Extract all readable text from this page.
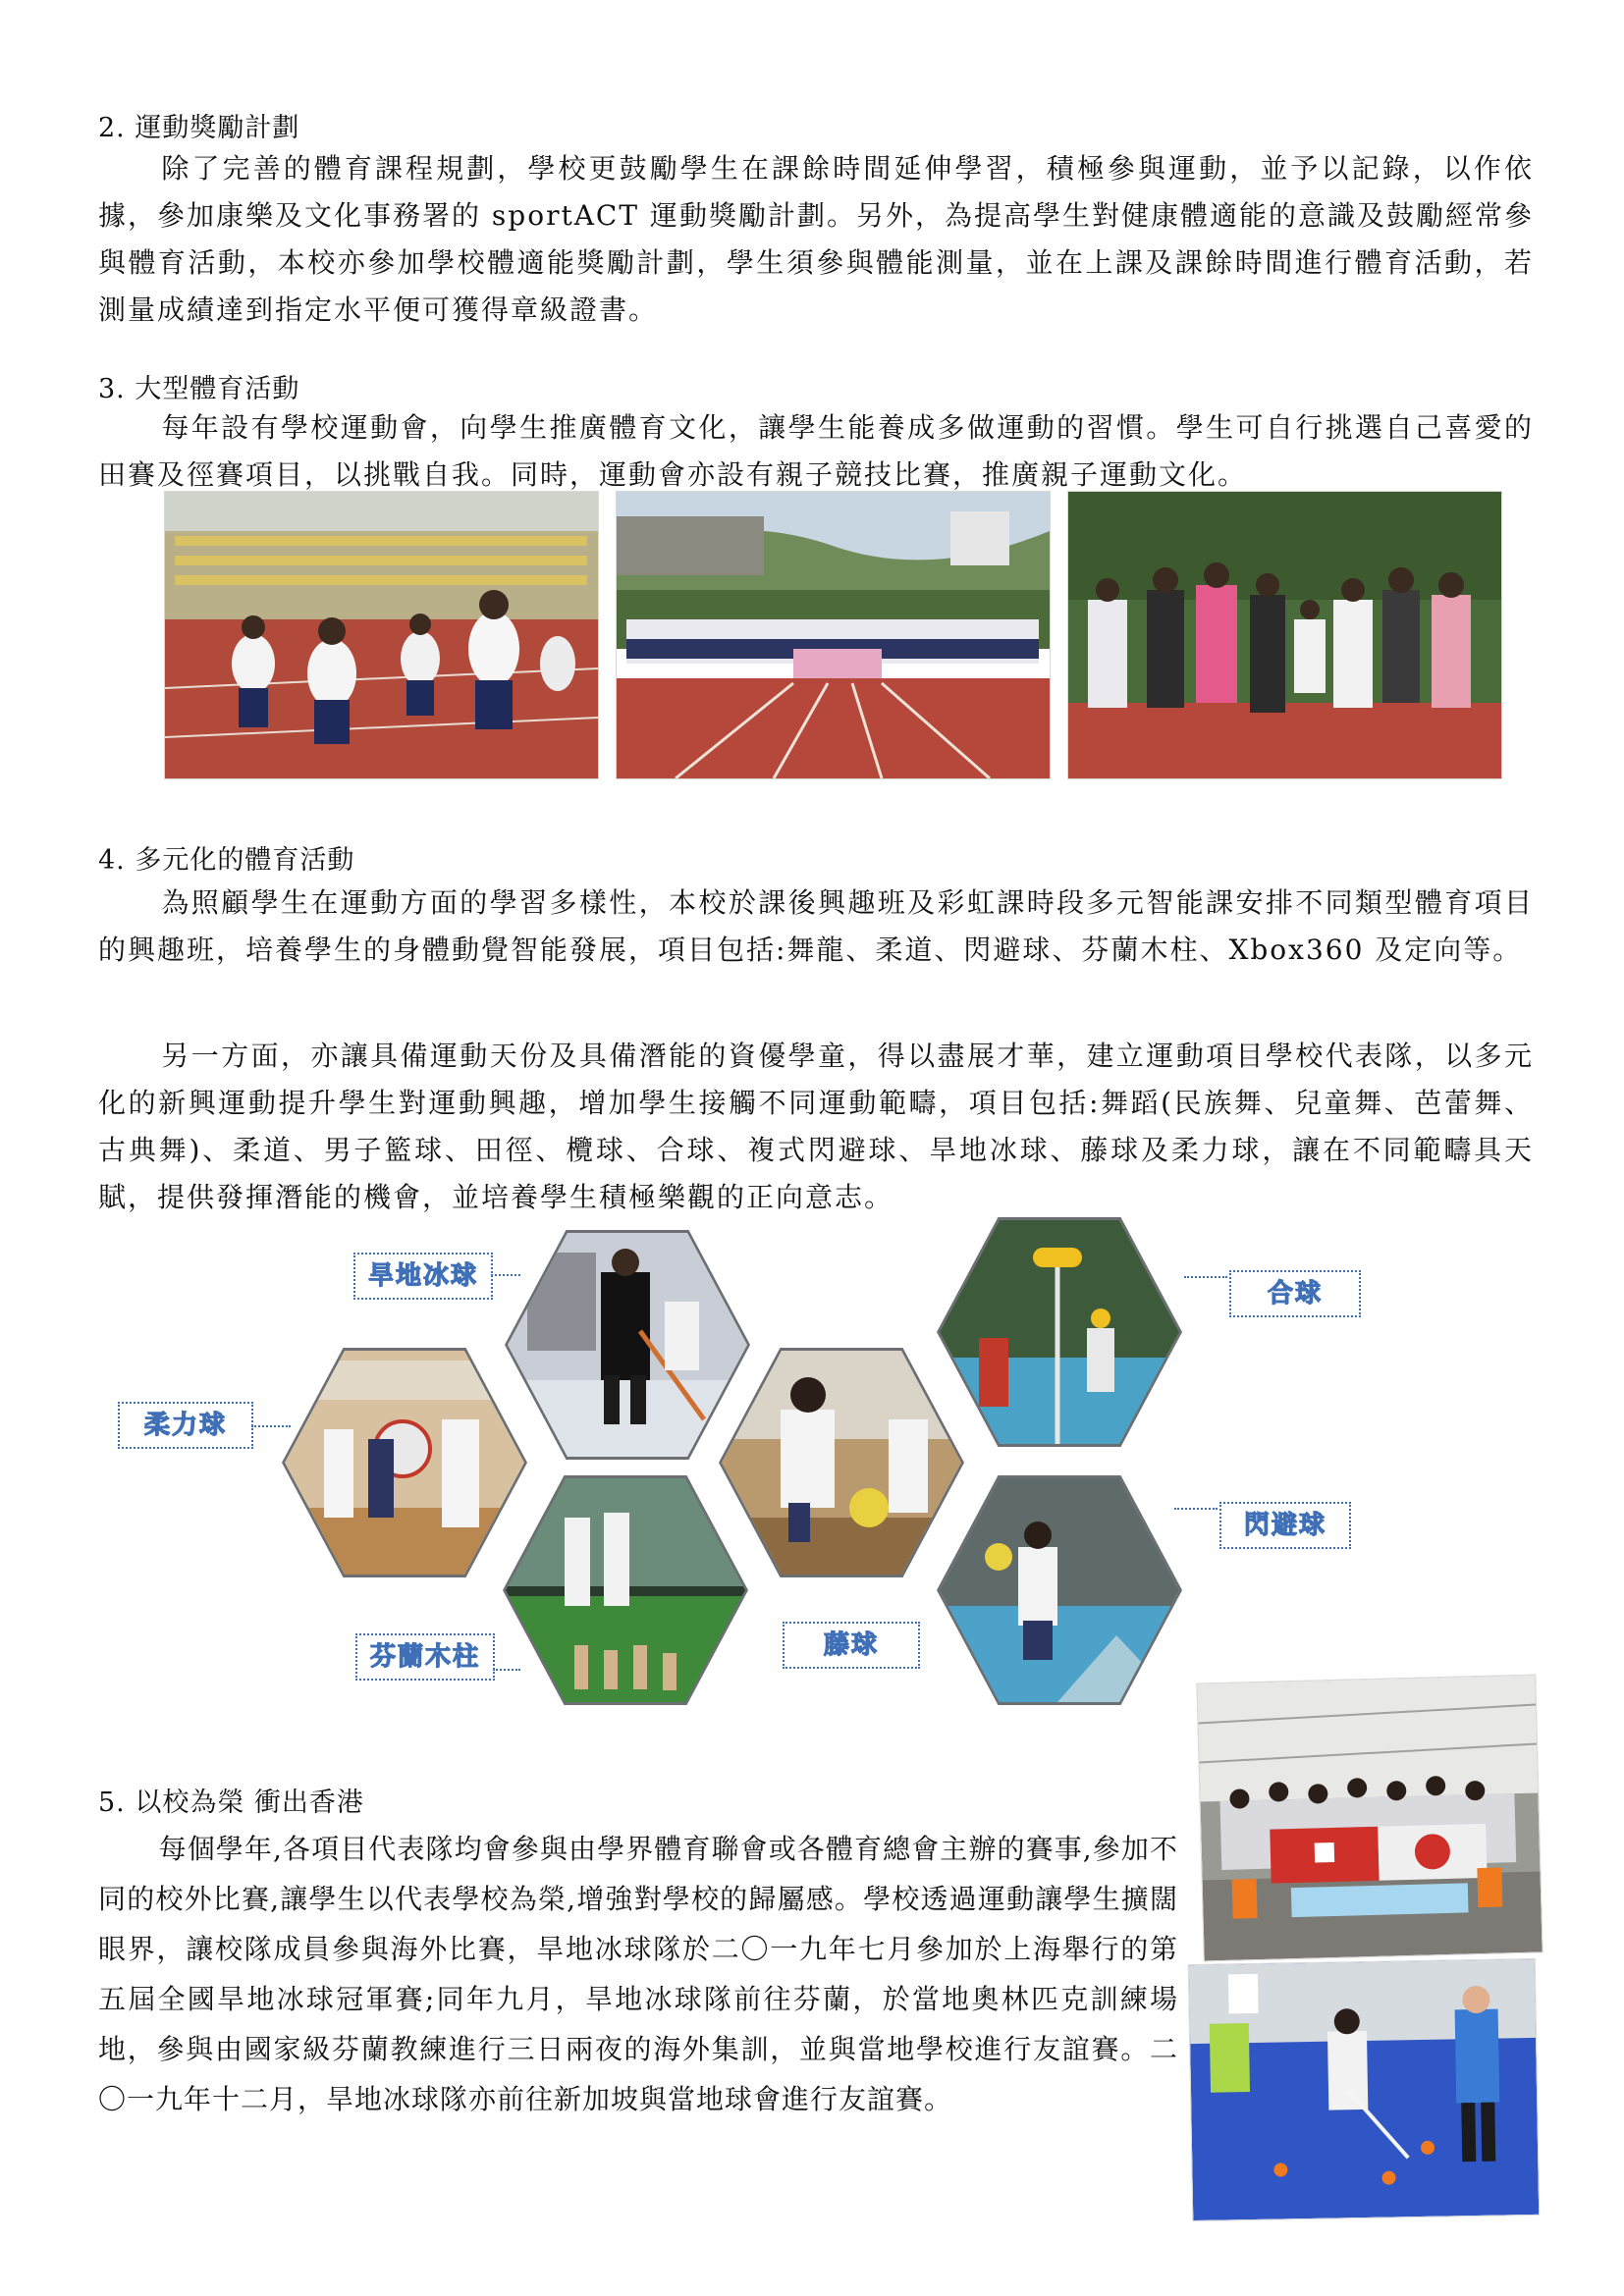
2. 運動獎勵計劃

除了完善的體育課程規劃，學校更鼓勵學生在課餘時間延伸學習，積極參與運動，並予以記錄，以作依據，參加康樂及文化事務署的 sportACT 運動獎勵計劃。另外，為提高學生對健康體適能的意識及鼓勵經常參與體育活動，本校亦參加學校體適能獎勵計劃，學生須參與體能測量，並在上課及課餘時間進行體育活動，若測量成績達到指定水平便可獲得章級證書。

3. 大型體育活動

每年設有學校運動會，向學生推廣體育文化，讓學生能養成多做運動的習慣。學生可自行挑選自己喜愛的田賽及徑賽項目，以挑戰自我。同時，運動會亦設有親子競技比賽，推廣親子運動文化。

4. 多元化的體育活動

為照顧學生在運動方面的學習多樣性，本校於課後興趣班及彩虹課時段多元智能課安排不同類型體育項目的興趣班，培養學生的身體動覺智能發展，項目包括:舞龍、柔道、閃避球、芬蘭木柱、Xbox360 及定向等。

另一方面，亦讓具備運動天份及具備潛能的資優學童，得以盡展才華，建立運動項目學校代表隊，以多元化的新興運動提升學生對運動興趣，增加學生接觸不同運動範疇，項目包括:舞蹈(民族舞、兒童舞、芭蕾舞、古典舞)、柔道、男子籃球、田徑、欖球、合球、複式閃避球、旱地冰球、藤球及柔力球，讓在不同範疇具天賦，提供發揮潛能的機會，並培養學生積極樂觀的正向意志。

旱地冰球
合球
柔力球
閃避球
芬蘭木柱	藤球
5. 以校為榮 衝出香港

每個學年,各項目代表隊均會參與由學界體育聯會或各體育總會主辦的賽事,參加不同的校外比賽,讓學生以代表學校為榮,增強對學校的歸屬感。學校透過運動讓學生擴闊眼界，讓校隊成員參與海外比賽，旱地冰球隊於二〇一九年七月參加於上海舉行的第五屆全國旱地冰球冠軍賽;同年九月，旱地冰球隊前往芬蘭，於當地奧林匹克訓練場地，參與由國家級芬蘭教練進行三日兩夜的海外集訓，並與當地學校進行友誼賽。二〇一九年十二月，旱地冰球隊亦前往新加坡與當地球會進行友誼賽。
